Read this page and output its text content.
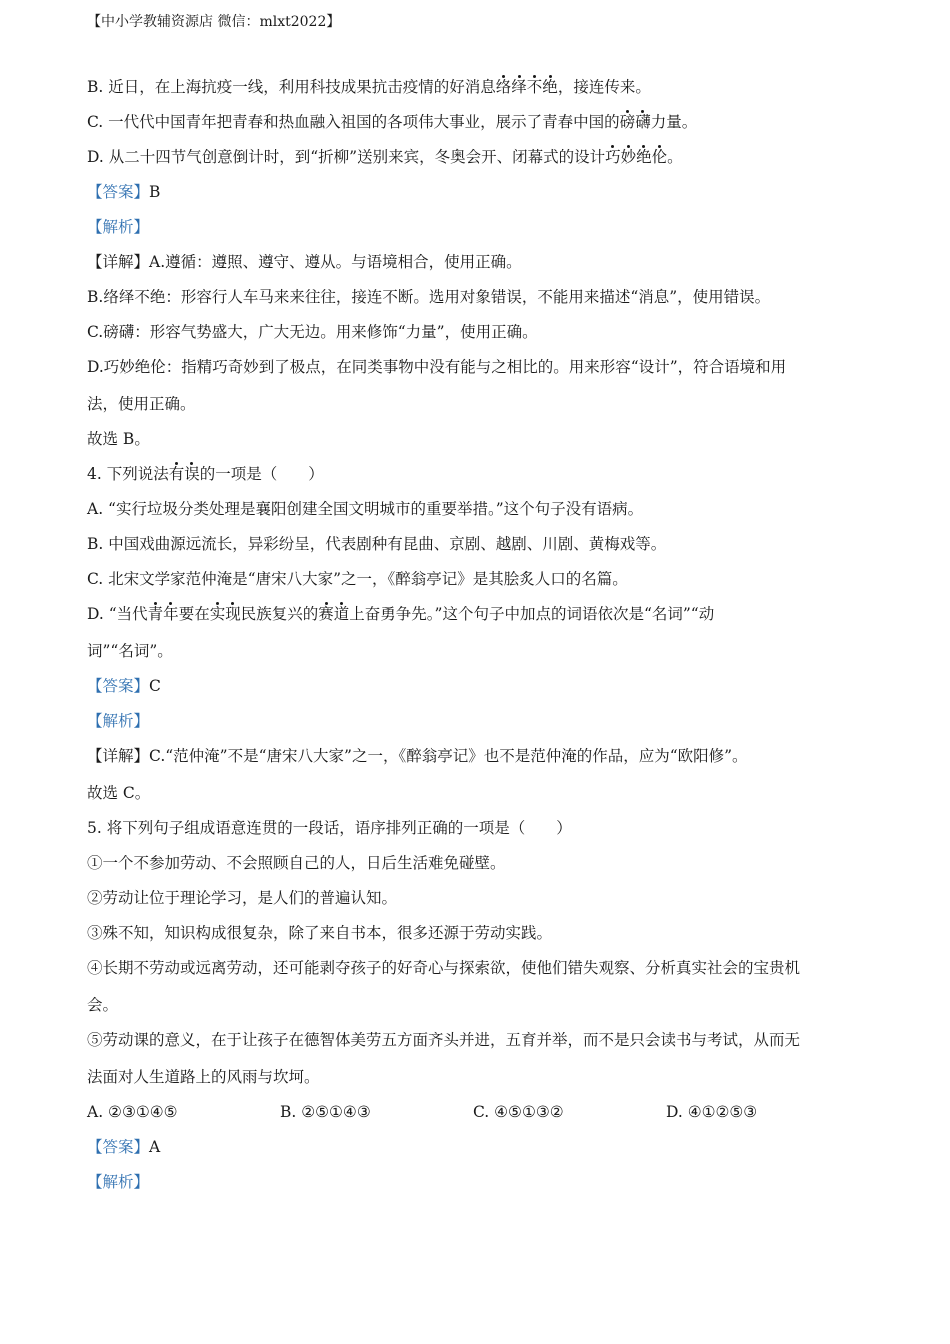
【中小学教辅资源店 微信：mlxt2022】
B. 近日，在上海抗疫一线，利用科技成果抗击疫情的好消息络绎不绝，接连传来。
C. 一代代中国青年把青春和热血融入祖国的各项伟大事业，展示了青春中国的磅礴力量。
D. 从二十四节气创意倒计时，到“折柳”送别来宾，冬奥会开、闭幕式的设计巧妙绝伦。
【答案】B
【解析】
【详解】A.遵循：遵照、遵守、遵从。与语境相合，使用正确。
B.络绎不绝：形容行人车马来来往往，接连不断。选用对象错误，不能用来描述“消息”，使用错误。
C.磅礴：形容气势盛大，广大无边。用来修饰“力量”，使用正确。
D.巧妙绝伦：指精巧奇妙到了极点，在同类事物中没有能与之相比的。用来形容“设计”，符合语境和用
法，使用正确。
故选 B。
4. 下列说法有误的一项是（　　）
A. “实行垃圾分类处理是襄阳创建全国文明城市的重要举措。”这个句子没有语病。
B. 中国戏曲源远流长，异彩纷呈，代表剧种有昆曲、京剧、越剧、川剧、黄梅戏等。
C. 北宋文学家范仲淹是“唐宋八大家”之一，《醉翁亭记》是其脍炙人口的名篇。
D. “当代青年要在实现民族复兴的赛道上奋勇争先。”这个句子中加点的词语依次是“名词”“动
词”“名词”。
【答案】C
【解析】
【详解】C.“范仲淹”不是“唐宋八大家”之一，《醉翁亭记》也不是范仲淹的作品，应为“欧阳修”。
故选 C。
5. 将下列句子组成语意连贯的一段话，语序排列正确的一项是（　　）
①一个不参加劳动、不会照顾自己的人，日后生活难免碰壁。
②劳动让位于理论学习，是人们的普遍认知。
③殊不知，知识构成很复杂，除了来自书本，很多还源于劳动实践。
④长期不劳动或远离劳动，还可能剥夺孩子的好奇心与探索欲，使他们错失观察、分析真实社会的宝贵机
会。
⑤劳动课的意义，在于让孩子在德智体美劳五方面齐头并进，五育并举，而不是只会读书与考试，从而无
法面对人生道路上的风雨与坎坷。
A. ②③①④⑤	B. ②⑤①④③	C. ④⑤①③②	D. ④①②⑤③
【答案】A
【解析】
